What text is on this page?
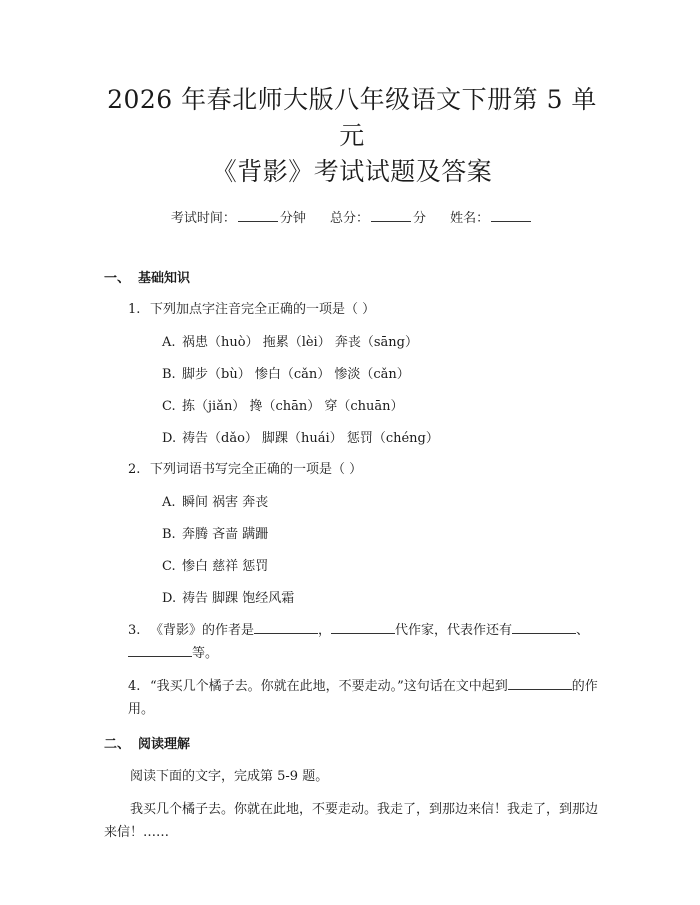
2026 年春北师大版八年级语文下册第 5 单元
《背影》考试试题及答案
考试时间：	分钟 总分：	分 姓名：
一、 基础知识
1. 下列加点字注音完全正确的一项是（ ）
A. 祸患（huò） 拖累（lèi） 奔丧（sāng）
B. 脚步（bù） 惨白（cǎn） 惨淡（cǎn）
C. 拣（jiǎn） 搀（chān） 穿（chuān）
D. 祷告（dǎo） 脚踝（huái） 惩罚（chéng）
2. 下列词语书写完全正确的一项是（ ）
A. 瞬间 祸害 奔丧
B. 奔腾 吝啬 蹒跚
C. 惨白 慈祥 惩罚
D. 祷告 脚踝 饱经风霜
3. 《背影》的作者是	，	代作家，代表作还有	、等。
4. “我买几个橘子去。你就在此地，不要走动。”这句话在文中起到	的作用。
二、 阅读理解
阅读下面的文字，完成第 5-9 题。
我买几个橘子去。你就在此地，不要走动。我走了，到那边来信！我走了，到那边来信！……
